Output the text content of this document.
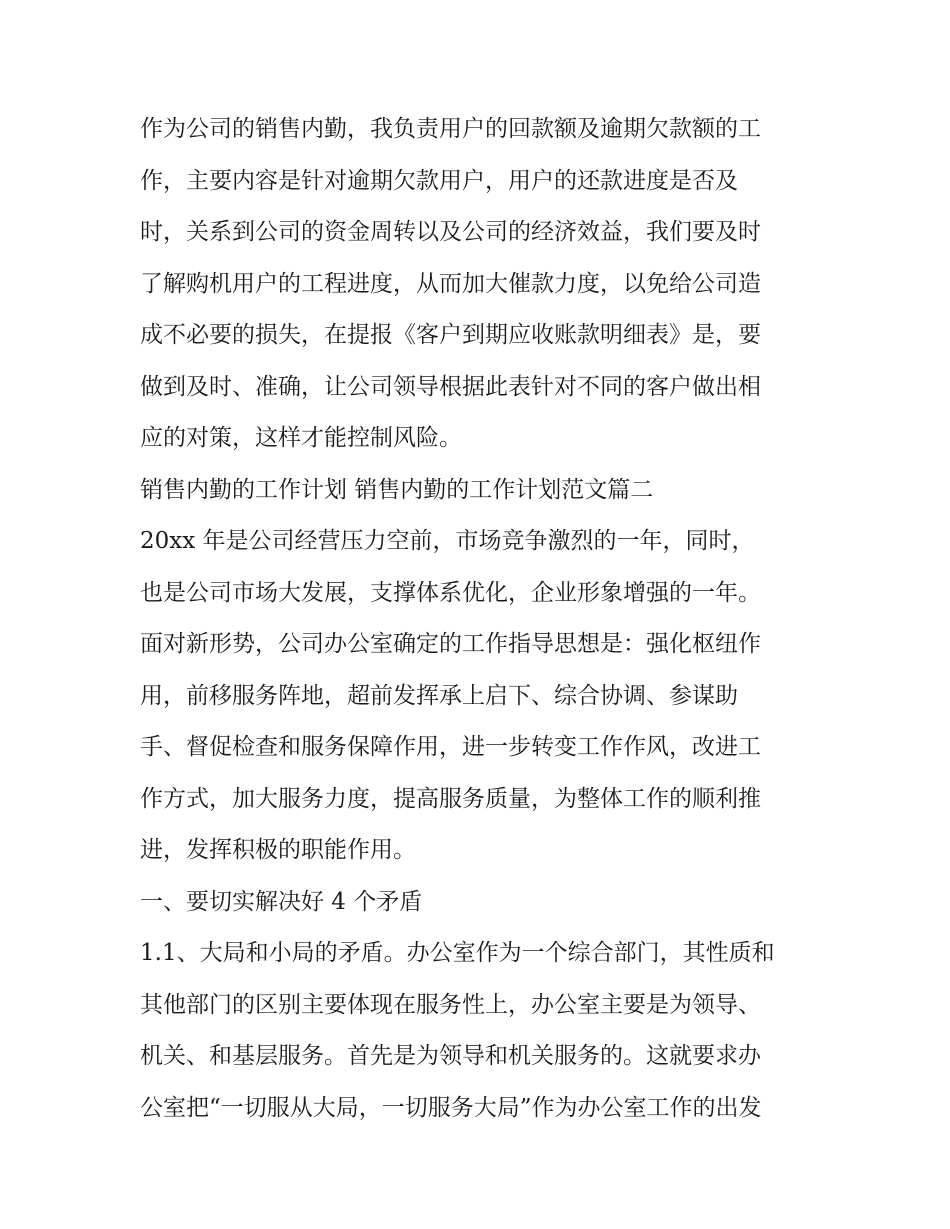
作为公司的销售内勤，我负责用户的回款额及逾期欠款额的工
作，主要内容是针对逾期欠款用户，用户的还款进度是否及
时，关系到公司的资金周转以及公司的经济效益，我们要及时
了解购机用户的工程进度，从而加大催款力度，以免给公司造
成不必要的损失，在提报《客户到期应收账款明细表》是，要
做到及时、准确，让公司领导根据此表针对不同的客户做出相
应的对策，这样才能控制风险。
销售内勤的工作计划 销售内勤的工作计划范文篇二
20xx 年是公司经营压力空前，市场竞争激烈的一年，同时，
也是公司市场大发展，支撑体系优化，企业形象增强的一年。
面对新形势，公司办公室确定的工作指导思想是：强化枢纽作
用，前移服务阵地，超前发挥承上启下、综合协调、参谋助
手、督促检查和服务保障作用，进一步转变工作作风，改进工
作方式，加大服务力度，提高服务质量，为整体工作的顺利推
进，发挥积极的职能作用。
一、要切实解决好 4 个矛盾
1.1、大局和小局的矛盾。办公室作为一个综合部门，其性质和
其他部门的区别主要体现在服务性上，办公室主要是为领导、
机关、和基层服务。首先是为领导和机关服务的。这就要求办
公室把“一切服从大局，一切服务大局”作为办公室工作的出发
